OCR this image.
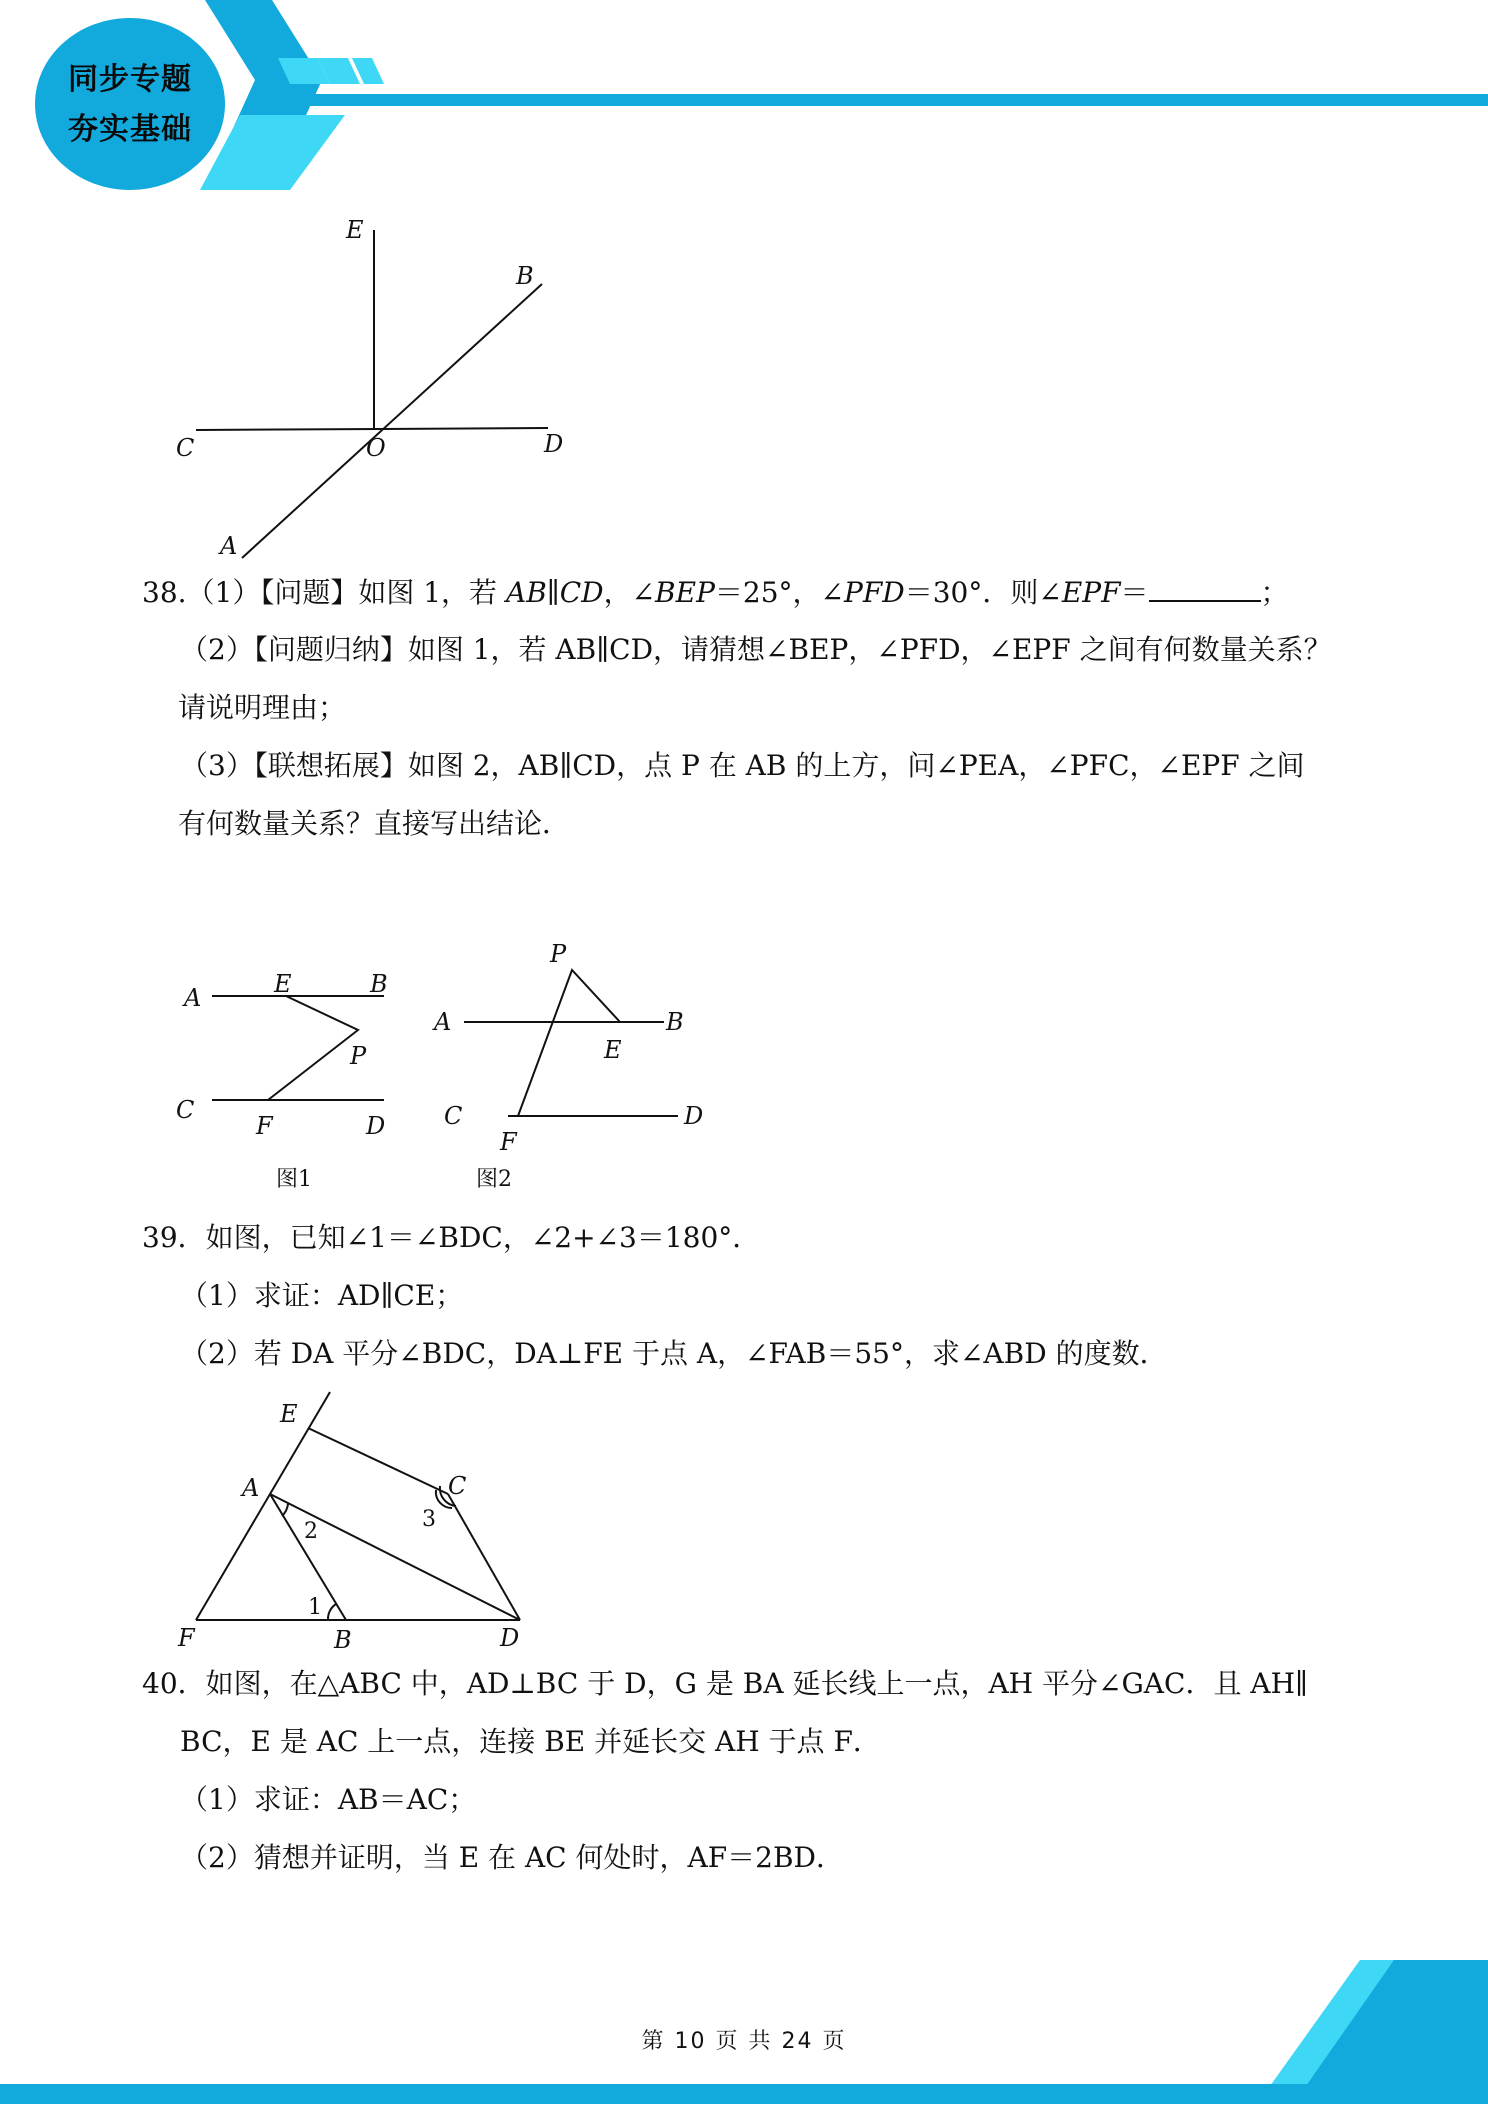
同步专题
夯实基础
E
B
C	O	D
A
38.（1）【问题】如图 1，若 AB∥CD，∠BEP＝25°，∠PFD＝30°．则∠EPF＝	；
（2）【问题归纳】如图 1，若 AB∥CD，请猜想∠BEP，∠PFD，∠EPF 之间有何数量关系？
请说明理由；
（3）【联想拓展】如图 2，AB∥CD，点 P 在 AB 的上方，问∠PEA，∠PFC，∠EPF 之间
有何数量关系？直接写出结论．
A	E	B
P
C
F	D
图1
P
A	B
E
C
F
D
图2
39．如图，已知∠1＝∠BDC，∠2+∠3＝180°．
（1）求证：AD∥CE；
（2）若 DA 平分∠BDC，DA⊥FE 于点 A，∠FAB＝55°，求∠ABD 的度数．
E
C
A
F	B	D
2	3
1
40．如图，在△ABC 中，AD⊥BC 于 D，G 是 BA 延长线上一点，AH 平分∠GAC．且 AH∥
BC，E 是 AC 上一点，连接 BE 并延长交 AH 于点 F．
（1）求证：AB＝AC；
（2）猜想并证明，当 E 在 AC 何处时，AF＝2BD．
第 10 页 共 24 页
